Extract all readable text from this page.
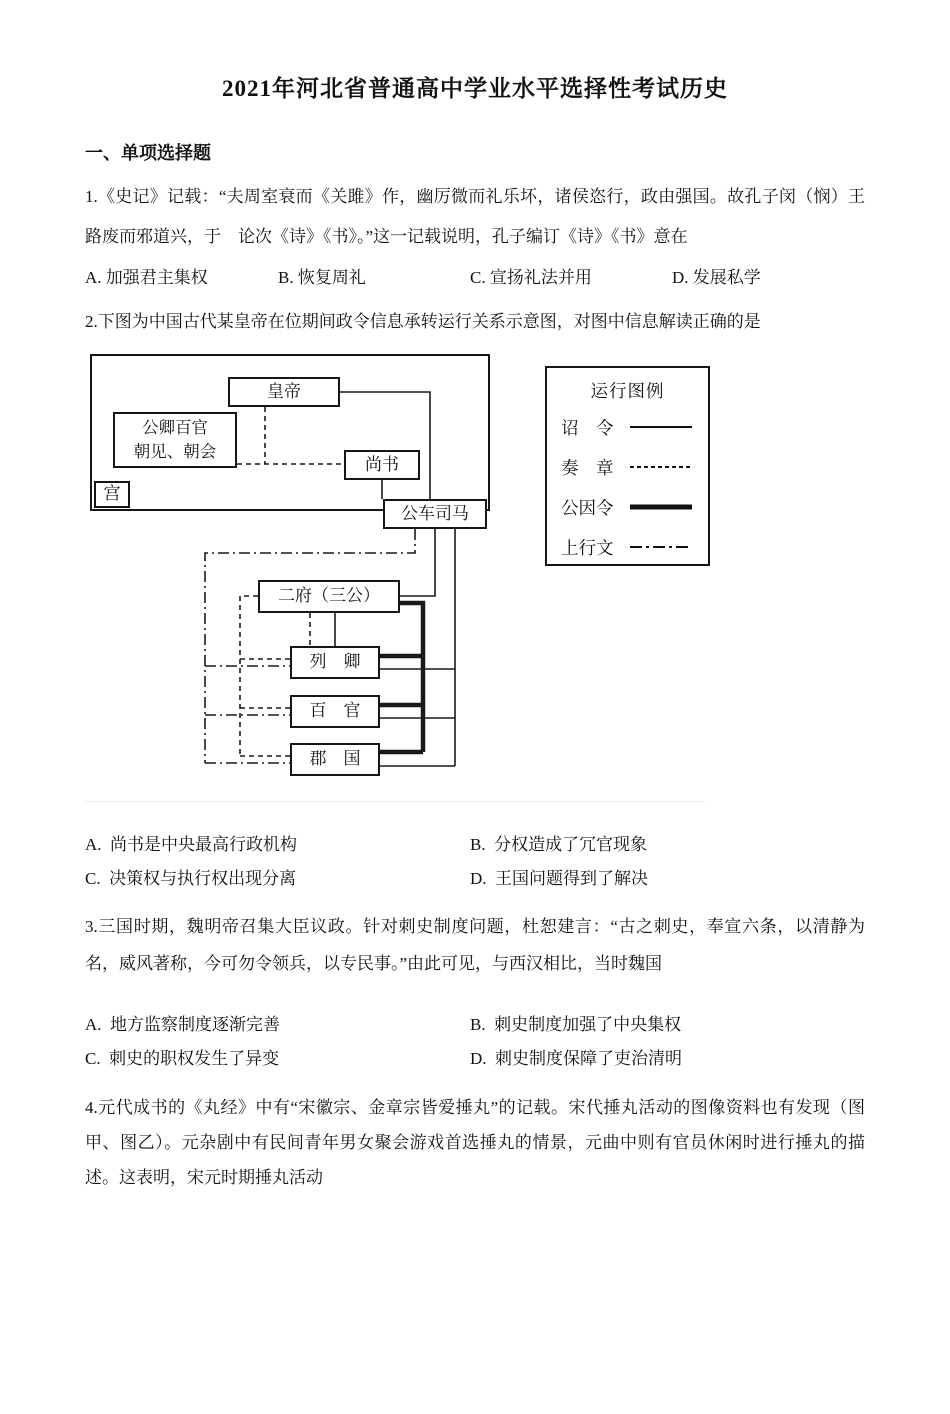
2021年河北省普通高中学业水平选择性考试历史
一、单项选择题

1.《史记》记载：“夫周室衰而《关雎》作，幽厉微而礼乐坏，诸侯恣行，政由强国。故孔子闵（悯）王路废而邪道兴，于　论次《诗》《书》。”这一记载说明，孔子编订《诗》《书》意在

A. 加强君主集权	B. 恢复周礼	C. 宣扬礼法并用	D. 发展私学

2.下图为中国古代某皇帝在位期间政令信息承转运行关系示意图，对图中信息解读正确的是

皇帝
公卿百官
朝见、朝会
宫
尚书
公车司马
二府（三公）
列　卿
百　官
郡　国
运行图例
诏　令
奏　章
公因令
上行文
A.  尚书是中央最高行政机构	B.  分权造成了冗官现象
C.  决策权与执行权出现分离	D.  王国问题得到了解决

3.三国时期，魏明帝召集大臣议政。针对刺史制度问题，杜恕建言：“古之刺史，奉宣六条，以清静为名，威风著称，今可勿令领兵，以专民事。”由此可见，与西汉相比，当时魏国

A.  地方监察制度逐渐完善	B.  刺史制度加强了中央集权
C.  刺史的职权发生了异变	D.  刺史制度保障了吏治清明

4.元代成书的《丸经》中有“宋徽宗、金章宗皆爱捶丸”的记载。宋代捶丸活动的图像资料也有发现（图甲、图乙）。元杂剧中有民间青年男女聚会游戏首选捶丸的情景，元曲中则有官员休闲时进行捶丸的描述。这表明，宋元时期捶丸活动
